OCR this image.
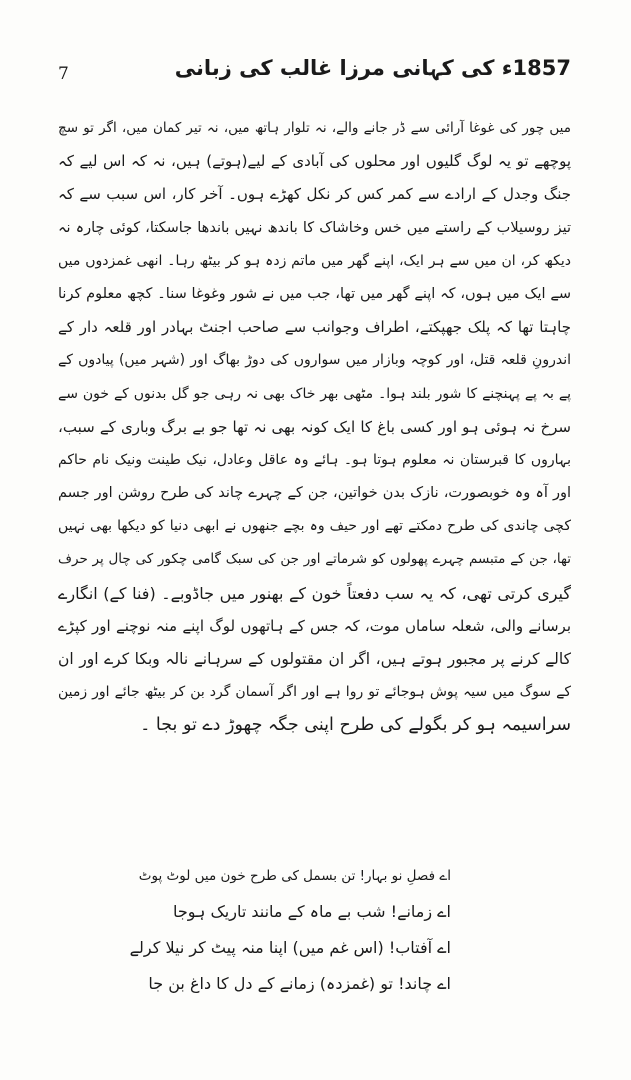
1857ء کی کہانی مرزا غالب کی زبانی
7
میں چور کی غوغا آرائی سے ڈر جانے والے، نہ تلوار ہاتھ میں، نہ تیر کمان میں، اگر تو سچ
پوچھے تو یہ لوگ گلیوں اور محلوں کی آبادی کے لیے(ہوتے) ہیں، نہ کہ اس لیے کہ
جنگ وجدل کے ارادے سے کمر کس کر نکل کھڑے ہوں۔ آخر کار، اس سبب سے کہ
تیز روسیلاب کے راستے میں خس وخاشاک کا باندھ نہیں باندھا جاسکتا، کوئی چارہ نہ
دیکھ کر، ان میں سے ہر ایک، اپنے گھر میں ماتم زدہ ہو کر بیٹھ رہا۔ انھی غمزدوں میں
سے ایک میں ہوں، کہ اپنے گھر میں تھا، جب میں نے شور وغوغا سنا۔ کچھ معلوم کرنا
چاہتا تھا کہ پلک جھپکتے، اطراف وجوانب سے صاحب اجنٹ بہادر اور قلعہ دار کے
اندرونِ قلعہ قتل، اور کوچہ وبازار میں سواروں کی دوڑ بھاگ اور (شہر میں) پیادوں کے
پے بہ پے پہنچنے کا شور بلند ہوا۔ مٹھی بھر خاک بھی نہ رہی جو گل بدنوں کے خون سے
سرخ نہ ہوئی ہو اور کسی باغ کا ایک کونہ بھی نہ تھا جو بے برگ وباری کے سبب،
بہاروں کا قبرستان نہ معلوم ہوتا ہو۔ ہائے وہ عاقل وعادل، نیک طینت ونیک نام حاکم
اور آہ وہ خوبصورت، نازک بدن خواتین، جن کے چہرے چاند کی طرح روشن اور جسم
کچی چاندی کی طرح دمکتے تھے اور حیف وہ بچے جنھوں نے ابھی دنیا کو دیکھا بھی نہیں
تھا، جن کے متبسم چہرے پھولوں کو شرماتے اور جن کی سبک گامی چکور کی چال پر حرف
گیری کرتی تھی، کہ یہ سب دفعتاً خون کے بھنور میں جاڈوبے۔ (فنا کے) انگارے
برسانے والی، شعلہ ساماں موت، کہ جس کے ہاتھوں لوگ اپنے منہ نوچنے اور کپڑے
کالے کرنے پر مجبور ہوتے ہیں، اگر ان مقتولوں کے سرہانے نالہ وبکا کرے اور ان
کے سوگ میں سیہ پوش ہوجائے تو روا ہے اور اگر آسمان گرد بن کر بیٹھ جائے اور زمین
سراسیمہ ہو کر بگولے کی طرح اپنی جگہ چھوڑ دے تو بجا ۔
اے فصلِ نو بہار! تن بسمل کی طرح خون میں لوٹ پوٹ
اے زمانے! شب بے ماہ کے مانند تاریک ہوجا
اے آفتاب! (اس غم میں) اپنا منہ پیٹ کر نیلا کرلے
اے چاند! تو (غمزدہ) زمانے کے دل کا داغ بن جا
